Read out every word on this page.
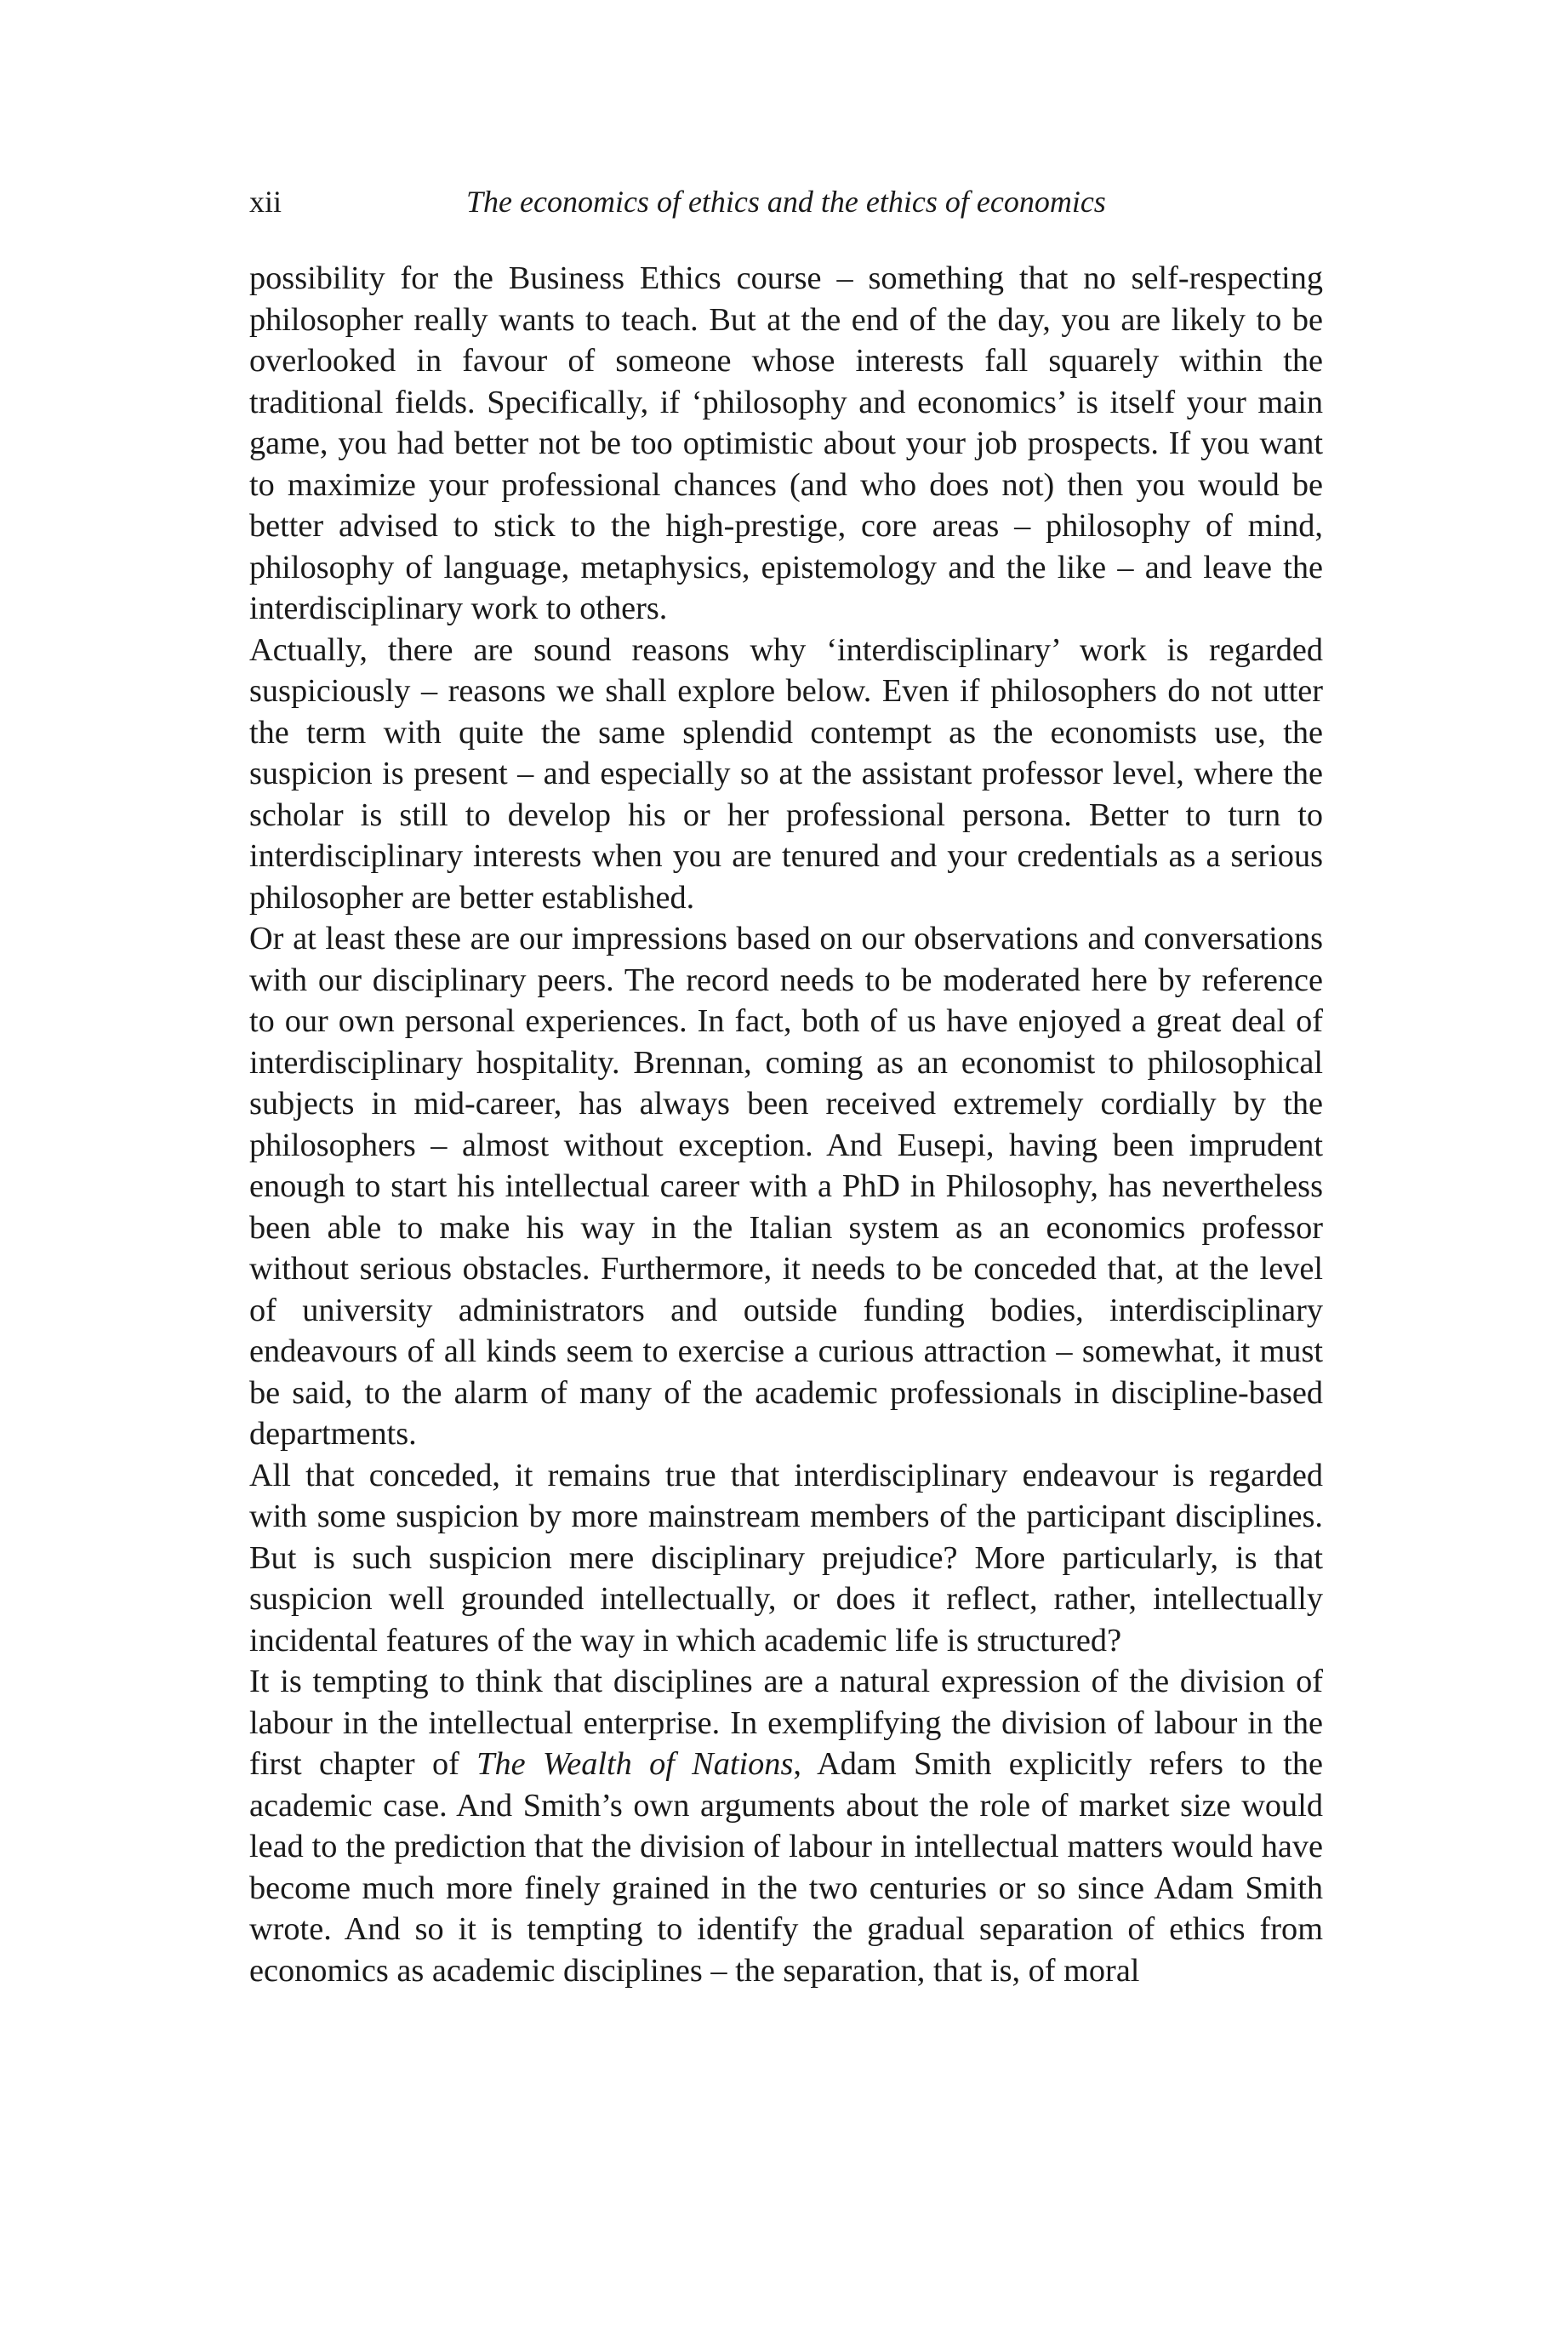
xii	The economics of ethics and the ethics of economics

possibility for the Business Ethics course – something that no self-respecting philosopher really wants to teach. But at the end of the day, you are likely to be overlooked in favour of someone whose interests fall squarely within the traditional fields. Specifically, if ‘philosophy and economics’ is itself your main game, you had better not be too optimistic about your job prospects. If you want to maximize your professional chances (and who does not) then you would be better advised to stick to the high-prestige, core areas – philosophy of mind, philosophy of language, metaphysics, epistemology and the like – and leave the interdisciplinary work to others.

Actually, there are sound reasons why ‘interdisciplinary’ work is regarded suspiciously – reasons we shall explore below. Even if philosophers do not utter the term with quite the same splendid contempt as the economists use, the suspicion is present – and especially so at the assistant professor level, where the scholar is still to develop his or her professional persona. Better to turn to interdisciplinary interests when you are tenured and your credentials as a serious philosopher are better established.

Or at least these are our impressions based on our observations and conversations with our disciplinary peers. The record needs to be moderated here by reference to our own personal experiences. In fact, both of us have enjoyed a great deal of interdisciplinary hospitality. Brennan, coming as an economist to philosophical subjects in mid-career, has always been received extremely cordially by the philosophers – almost without exception. And Eusepi, having been imprudent enough to start his intellectual career with a PhD in Philosophy, has nevertheless been able to make his way in the Italian system as an economics professor without serious obstacles. Furthermore, it needs to be conceded that, at the level of university administrators and outside funding bodies, interdisciplinary endeavours of all kinds seem to exercise a curious attraction – somewhat, it must be said, to the alarm of many of the academic professionals in discipline-based departments.

All that conceded, it remains true that interdisciplinary endeavour is regarded with some suspicion by more mainstream members of the participant disciplines. But is such suspicion mere disciplinary prejudice? More particularly, is that suspicion well grounded intellectually, or does it reflect, rather, intellectually incidental features of the way in which academic life is structured?

It is tempting to think that disciplines are a natural expression of the division of labour in the intellectual enterprise. In exemplifying the division of labour in the first chapter of The Wealth of Nations, Adam Smith explicitly refers to the academic case. And Smith’s own arguments about the role of market size would lead to the prediction that the division of labour in intellectual matters would have become much more finely grained in the two centuries or so since Adam Smith wrote. And so it is tempting to identify the gradual separation of ethics from economics as academic disciplines – the separation, that is, of moral
